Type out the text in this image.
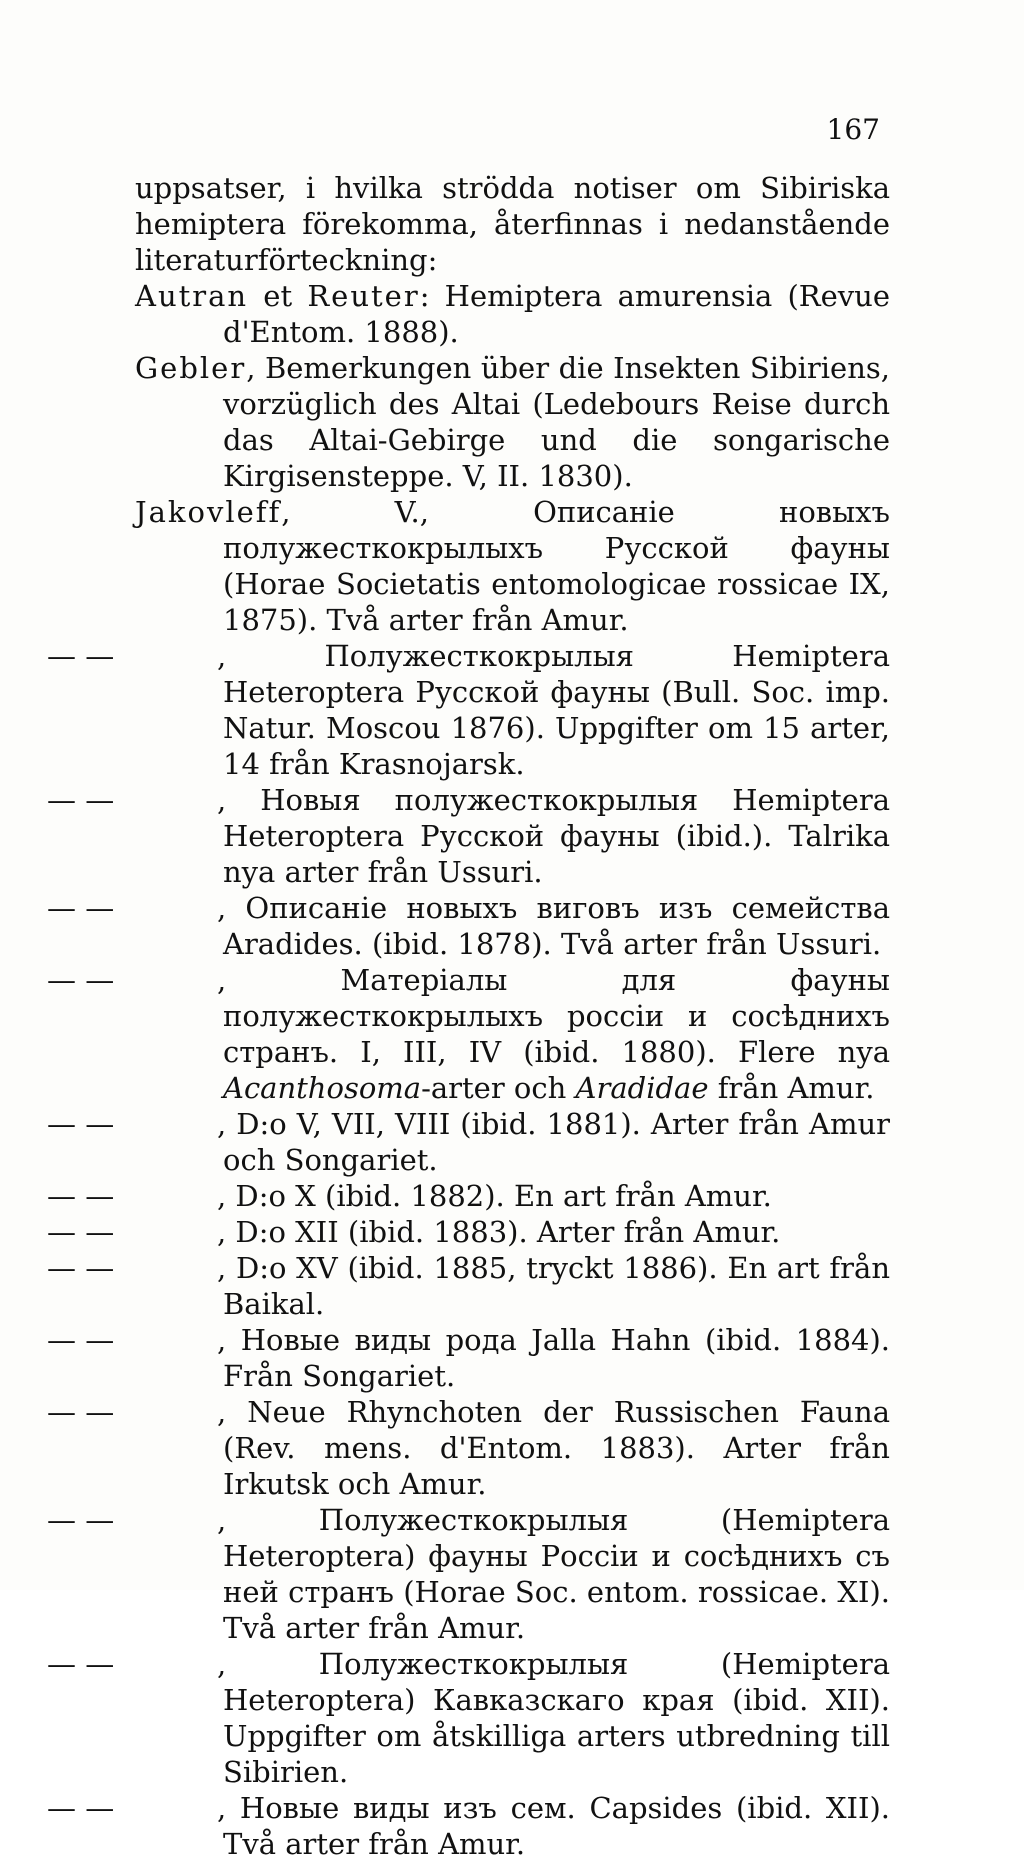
167

uppsatser, i hvilka strödda notiser om Sibiriska hemiptera förekomma, återfinnas i nedanstående literaturförteckning:

Autran et Reuter: Hemiptera amurensia (Revue d'Entom. 1888).

Gebler, Bemerkungen über die Insekten Sibiriens, vorzüglich des Altai (Ledebours Reise durch das Altai-Gebirge und die songarische Kirgisensteppe. V, II. 1830).

Jakovleff, V., Описаніе новыхъ полужесткокрылыхъ Русской фауны (Horae Societatis entomologicae rossicae IX, 1875). Två arter från Amur.

— —	, Полужесткокрылыя Hemiptera Heteroptera Русской фауны (Bull. Soc. imp. Natur. Moscou 1876). Uppgifter om 15 arter, 14 från Krasnojarsk.

— —	, Новыя полужесткокрылыя Hemiptera Heteroptera Русской фауны (ibid.). Talrika nya arter från Ussuri.

— —	, Описаніе новыхъ виговъ изъ семейства Aradides. (ibid. 1878). Två arter från Ussuri.

— —	, Матеріалы для фауны полужесткокрылыхъ россіи и сосѣднихъ странъ. I, III, IV (ibid. 1880). Flere nya Acanthosoma-arter och Aradidae från Amur.

— —	, D:o V, VII, VIII (ibid. 1881). Arter från Amur och Songariet.

— —	, D:o X (ibid. 1882). En art från Amur.

— —	, D:o XII (ibid. 1883). Arter från Amur.

— —	, D:o XV (ibid. 1885, tryckt 1886). En art från Baikal.

— —	, Новые виды рода Jalla Hahn (ibid. 1884). Från Songariet.

— —	, Neue Rhynchoten der Russischen Fauna (Rev. mens. d'Entom. 1883). Arter från Irkutsk och Amur.

— —	, Полужесткокрылыя (Hemiptera Heteroptera) фауны Россіи и сосѣднихъ съ ней странъ (Horae Soc. entom. rossicae. XI). Två arter från Amur.

— —	, Полужесткокрылыя (Hemiptera Heteroptera) Кавказскаго края (ibid. XII). Uppgifter om åtskilliga arters utbredning till Sibirien.

— —	, Новые виды изъ сем. Capsides (ibid. XII). Två arter från Amur.
